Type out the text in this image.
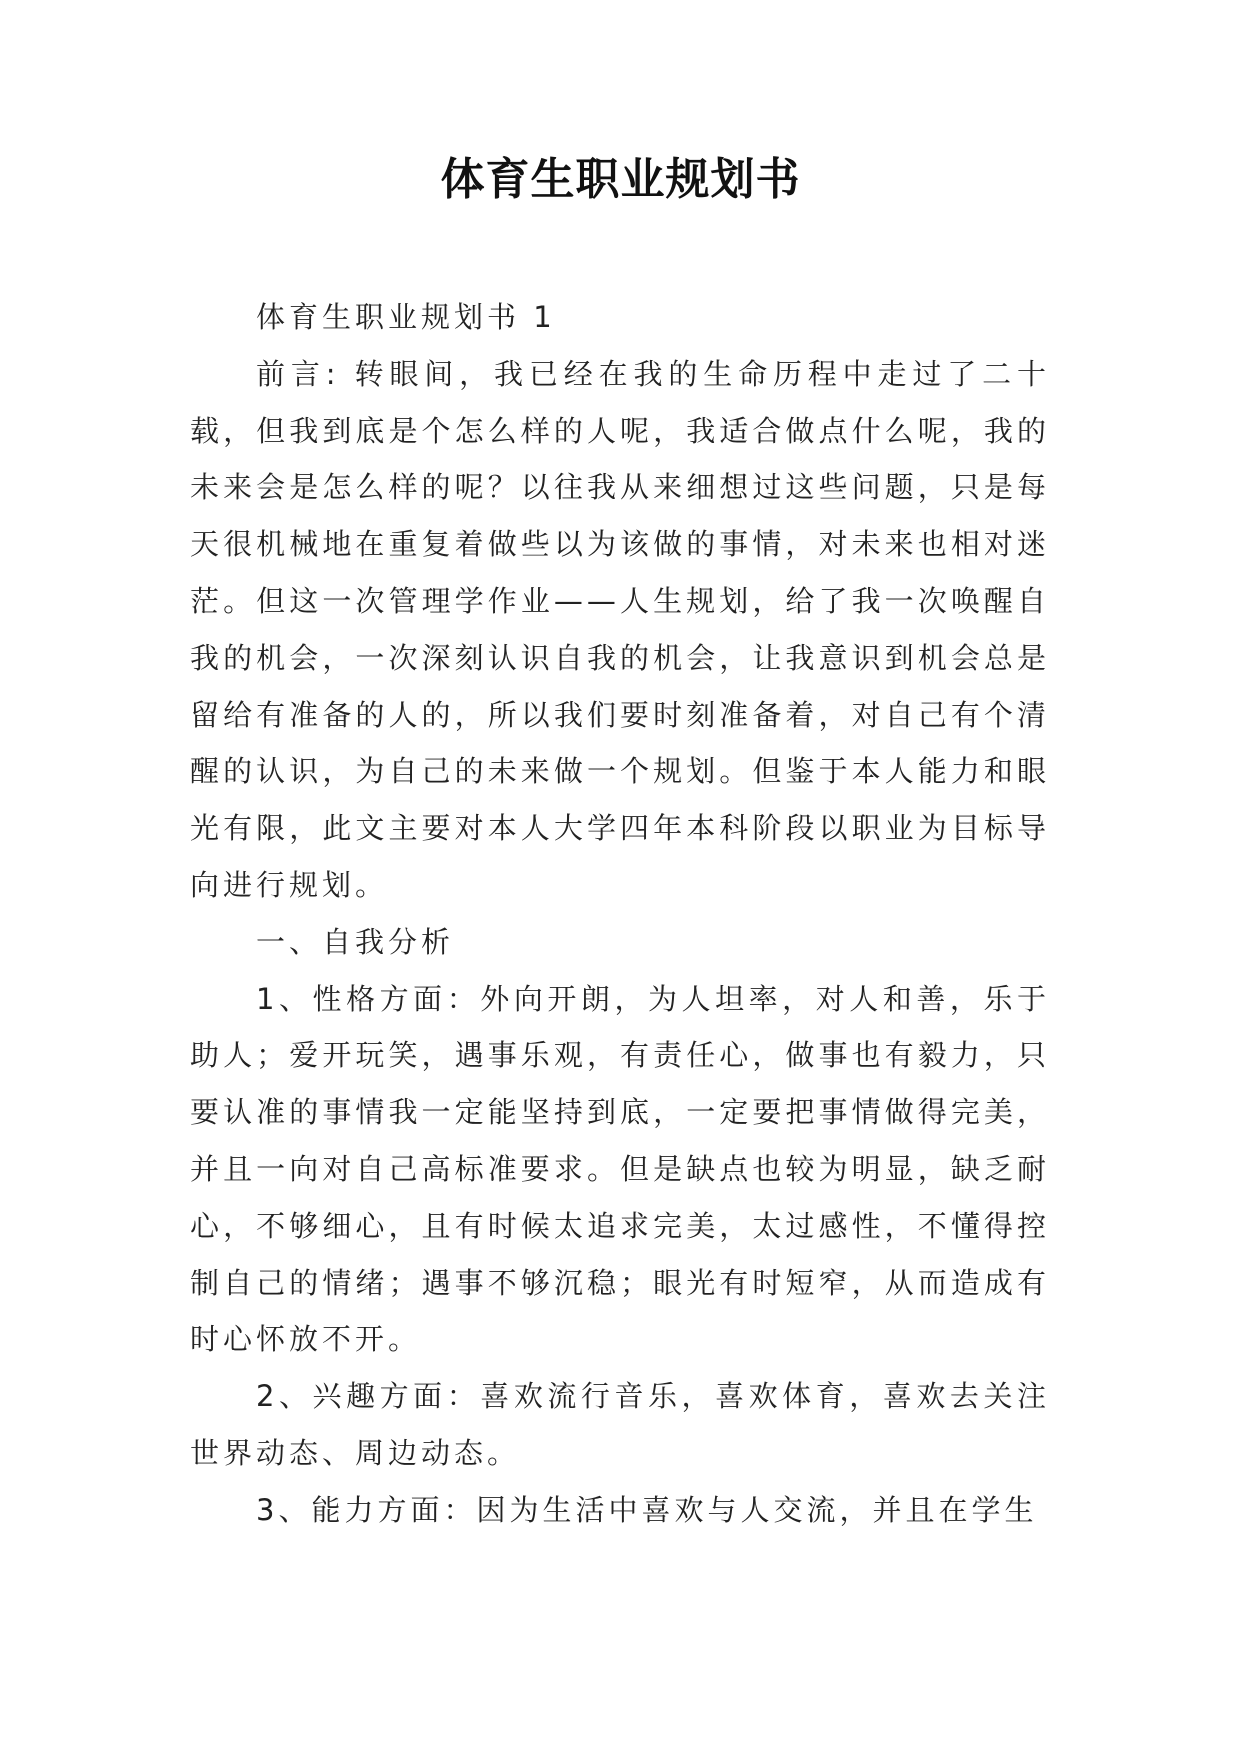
体育生职业规划书

体育生职业规划书 1

前言: 转眼间，我已经在我的生命历程中走过了二十载，但我到底是个怎么样的人呢，我适合做点什么呢，我的未来会是怎么样的呢？以往我从来细想过这些问题，只是每天很机械地在重复着做些以为该做的事情，对未来也相对迷茫。但这一次管理学作业——人生规划，给了我一次唤醒自我的机会，一次深刻认识自我的机会，让我意识到机会总是留给有准备的人的，所以我们要时刻准备着，对自己有个清醒的认识，为自己的未来做一个规划。但鉴于本人能力和眼光有限，此文主要对本人大学四年本科阶段以职业为目标导向进行规划。

一、自我分析

1、性格方面：外向开朗，为人坦率，对人和善，乐于助人；爱开玩笑，遇事乐观，有责任心，做事也有毅力，只要认准的事情我一定能坚持到底，一定要把事情做得完美，并且一向对自己高标准要求。但是缺点也较为明显，缺乏耐心，不够细心，且有时候太追求完美，太过感性，不懂得控制自己的情绪；遇事不够沉稳；眼光有时短窄，从而造成有时心怀放不开。

2、兴趣方面：喜欢流行音乐，喜欢体育，喜欢去关注世界动态、周边动态。

3、能力方面：因为生活中喜欢与人交流，并且在学生
